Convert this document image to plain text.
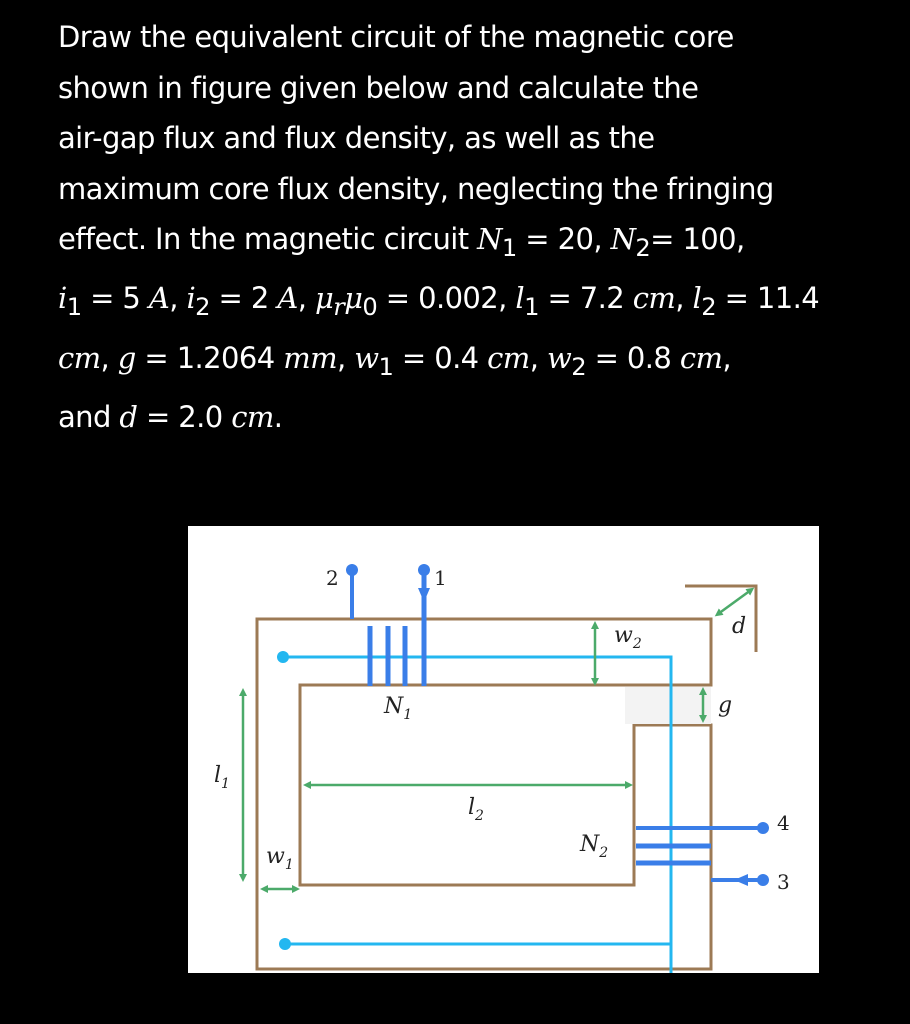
Draw the equivalent circuit of the magnetic core
shown in figure given below and calculate the
air-gap flux and flux density, as well as the
maximum core flux density, neglecting the fringing
effect. In the magnetic circuit $N_1 = 20$, $N_2= 100$,
$i_1 = 5$ A, $i_2 = 2$ A, $\mu_r\mu_0 = 0.002$, $l_1 = 7.2$ cm, $l_2 = 11.4$
cm, g = 1.2064 mm, $w_1 = 0.4$ cm, $w_2 = 0.8$ cm,
and d = 2.0 cm.
2	1
4
3
$N_1$
$N_2$
$w_2$
$w_1$
$l_1$
$l_2$
g
d
